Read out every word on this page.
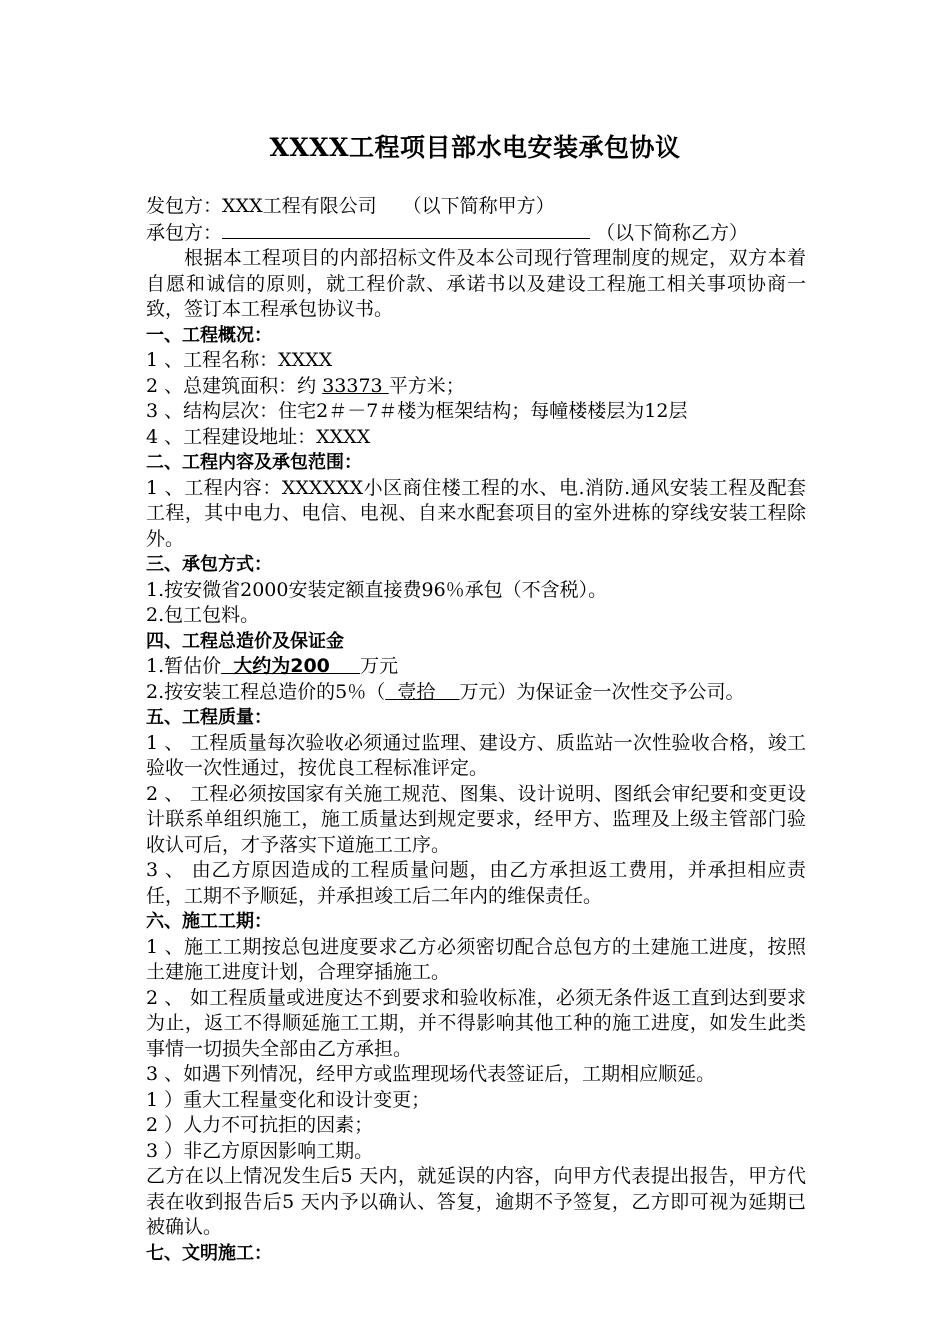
XXXX工程项目部水电安装承包协议
发包方：XXX工程有限公司 （以下简称甲方）
承包方：	（以下简称乙方）
根据本工程项目的内部招标文件及本公司现行管理制度的规定，双方本着自愿和诚信的原则，就工程价款、承诺书以及建设工程施工相关事项协商一致，签订本工程承包协议书。
一、工程概况：
1 、工程名称：XXXX
2 、总建筑面积：约 33373 平方米；
3 、结构层次：住宅2＃－7＃楼为框架结构；每幢楼楼层为12层
4 、工程建设地址：XXXX
二、工程内容及承包范围：
1 、工程内容：XXXXXX小区商住楼工程的水、电.消防.通风安装工程及配套工程，其中电力、电信、电视、自来水配套项目的室外进栋的穿线安装工程除外。
三、承包方式：
1.按安微省2000安装定额直接费96％承包（不含税）。
2.包工包料。
四、工程总造价及保证金
1.暂估价 大约为200 万元
2.按安装工程总造价的5％（ 壹拾 万元）为保证金一次性交予公司。
五、工程质量：
1 、 工程质量每次验收必须通过监理、建设方、质监站一次性验收合格，竣工验收一次性通过，按优良工程标准评定。
2 、 工程必须按国家有关施工规范、图集、设计说明、图纸会审纪要和变更设计联系单组织施工，施工质量达到规定要求，经甲方、监理及上级主管部门验收认可后，才予落实下道施工工序。
3 、 由乙方原因造成的工程质量问题，由乙方承担返工费用，并承担相应责任，工期不予顺延，并承担竣工后二年内的维保责任。
六、施工工期：
1 、施工工期按总包进度要求乙方必须密切配合总包方的土建施工进度，按照土建施工进度计划，合理穿插施工。
2 、 如工程质量或进度达不到要求和验收标准，必须无条件返工直到达到要求为止，返工不得顺延施工工期，并不得影响其他工种的施工进度，如发生此类事情一切损失全部由乙方承担。
3 、如遇下列情况，经甲方或监理现场代表签证后，工期相应顺延。
1 ）重大工程量变化和设计变更；
2 ）人力不可抗拒的因素；
3 ）非乙方原因影响工期。
乙方在以上情况发生后5 天内，就延误的内容，向甲方代表提出报告，甲方代表在收到报告后5 天内予以确认、答复，逾期不予签复，乙方即可视为延期已被确认。
七、文明施工：
